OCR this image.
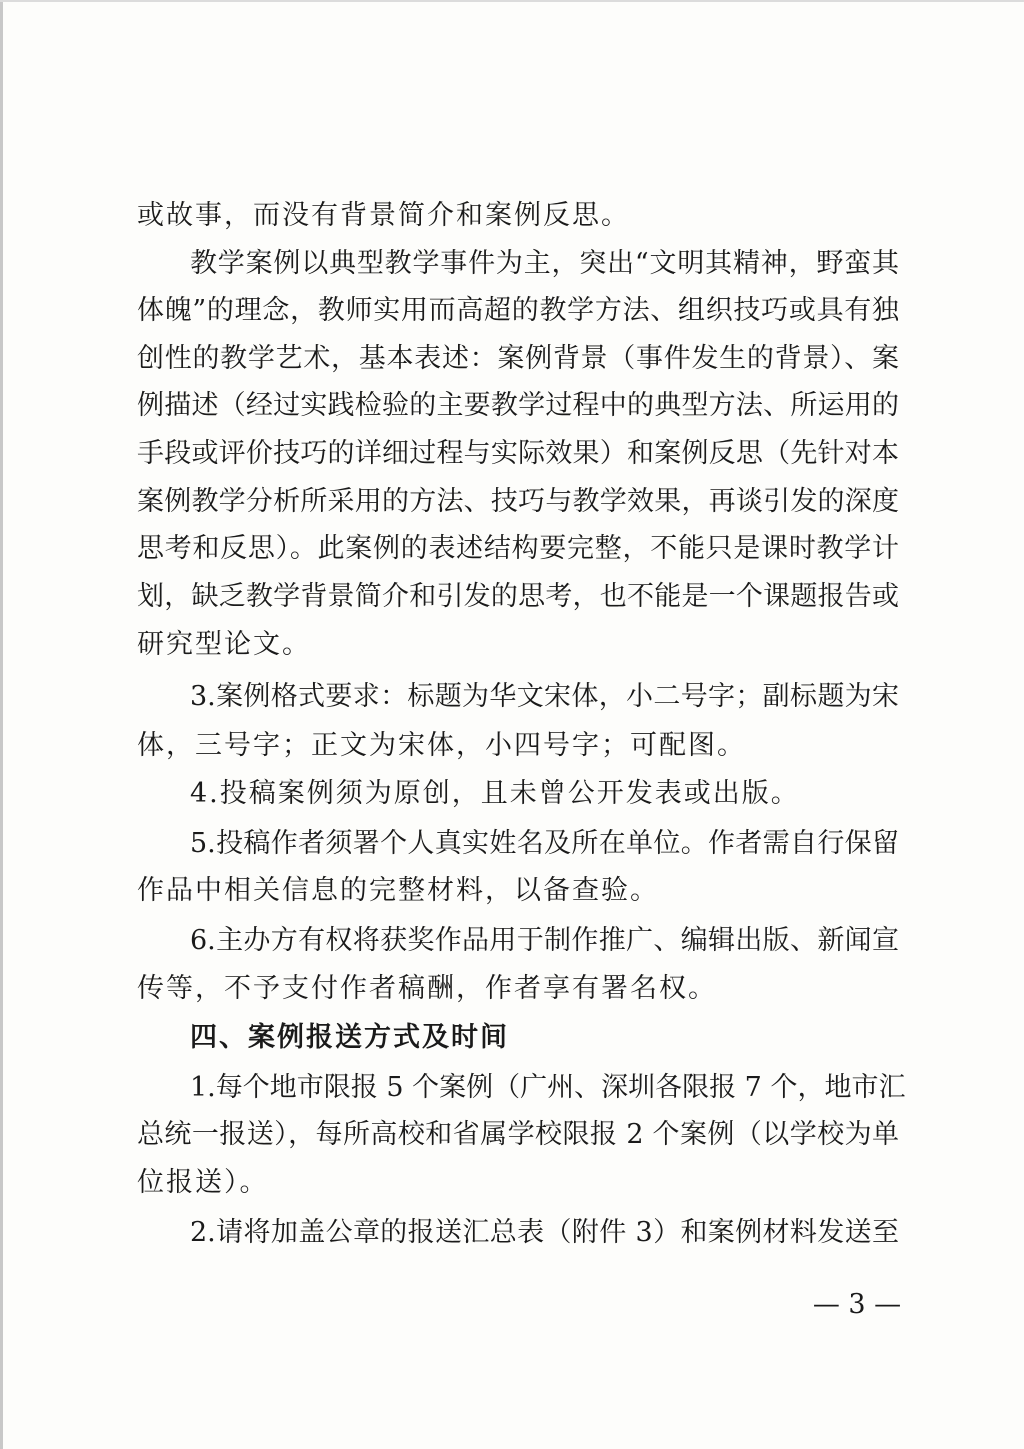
或故事，而没有背景简介和案例反思。
教学案例以典型教学事件为主，突出“文明其精神，野蛮其
体魄”的理念，教师实用而高超的教学方法、组织技巧或具有独
创性的教学艺术，基本表述：案例背景（事件发生的背景）、案
例描述（经过实践检验的主要教学过程中的典型方法、所运用的
手段或评价技巧的详细过程与实际效果）和案例反思（先针对本
案例教学分析所采用的方法、技巧与教学效果，再谈引发的深度
思考和反思）。此案例的表述结构要完整，不能只是课时教学计
划，缺乏教学背景简介和引发的思考，也不能是一个课题报告或
研究型论文。
3.案例格式要求：标题为华文宋体，小二号字；副标题为宋
体，三号字；正文为宋体，小四号字；可配图。
4.投稿案例须为原创，且未曾公开发表或出版。
5.投稿作者须署个人真实姓名及所在单位。作者需自行保留
作品中相关信息的完整材料，以备查验。
6.主办方有权将获奖作品用于制作推广、编辑出版、新闻宣
传等，不予支付作者稿酬，作者享有署名权。
四、案例报送方式及时间
1.每个地市限报 5 个案例（广州、深圳各限报 7 个，地市汇
总统一报送），每所高校和省属学校限报 2 个案例（以学校为单
位报送）。
2.请将加盖公章的报送汇总表（附件 3）和案例材料发送至
— 3 —
